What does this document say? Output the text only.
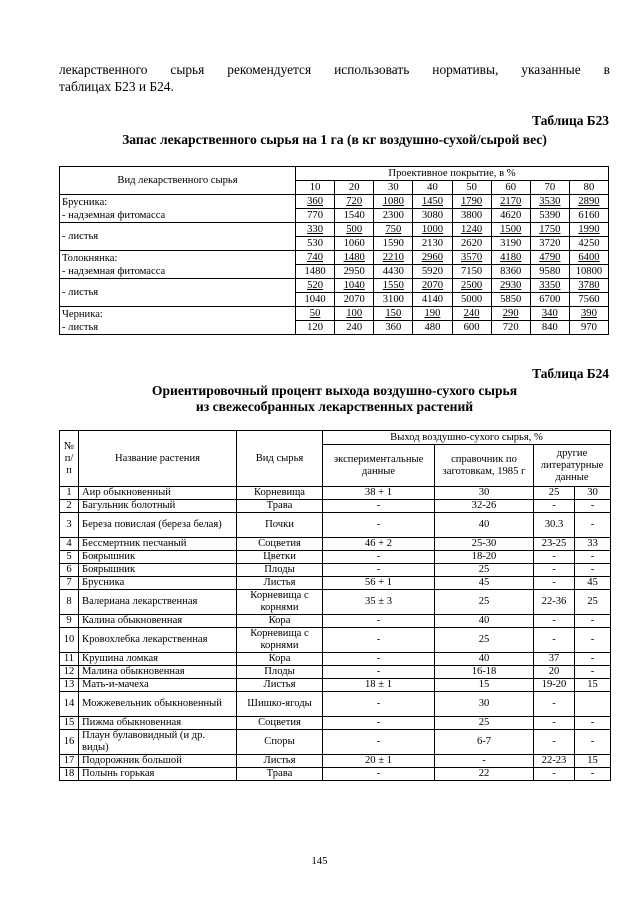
лекарственного сырья рекомендуется использовать нормативы, указанные в
таблицах Б23 и Б24.
Таблица Б23
Запас лекарственного сырья на 1 га (в кг воздушно-сухой/сырой вес)
Вид лекарственного сырья	Проективное покрытие, в %							
	10	20	30	40	50	60	70	80

Брусника:
- надземная фитомасса	360	720	1080	1450	1790	2170	3530	2890
	770	1540	2300	3080	3800	4620	5390	6160

- листья	330	500	750	1000	1240	1500	1750	1990
	530	1060	1590	2130	2620	3190	3720	4250

Толокнянка:
- надземная фитомасса	740	1480	2210	2960	3570	4180	4790	6400
	1480	2950	4430	5920	7150	8360	9580	10800

- листья	520	1040	1550	2070	2500	2930	3350	3780
	1040	2070	3100	4140	5000	5850	6700	7560

Черника:
- листья	50	100	150	190	240	290	340	390
	120	240	360	480	600	720	840	970
Таблица Б24
Ориентировочный процент выхода воздушно-сухого сырья
из свежесобранных лекарственных растений
№ п/п	Название растения	Вид сырья	Выход воздушно-сухого сырья, %			
			экспериментальные данные	справочник по заготовкам, 1985 г	другие литературные данные	
1	Аир обыкновенный	Корневища	38 + 1	30	25	30
2	Багульник болотный	Трава	-	32-26	-	-
3	Береза повислая (береза белая)	Почки	-	40	30.3	-
4	Бессмертник песчаный	Соцветия	46 + 2	25-30	23-25	33
5	Боярышник	Цветки	-	18-20	-	-
6	Боярышник	Плоды	-	25	-	-
7	Брусника	Листья	56 + 1	45	-	45
8	Валериана лекарственная	Корневища с корнями	35 ± 3	25	22-36	25
9	Калина обыкновенная	Кора	-	40	-	-
10	Кровохлебка лекарственная	Корневища с корнями	-	25	-	-
11	Крушина ломкая	Кора	-	40	37	-
12	Малина обыкновенная	Плоды	-	16-18	20	-
13	Мать-и-мачеха	Листья	18 ± 1	15	19-20	15
14	Можжевельник обыкновенный	Шишко-ягоды	-	30	-	
15	Пижма обыкновенная	Соцветия	-	25	-	-
16	Плаун булавовидный (и др. виды)	Споры	-	6-7	-	-
17	Подорожник большой	Листья	20 ± 1	-	22-23	15
18	Полынь горькая	Трава	-	22	-	-
145
